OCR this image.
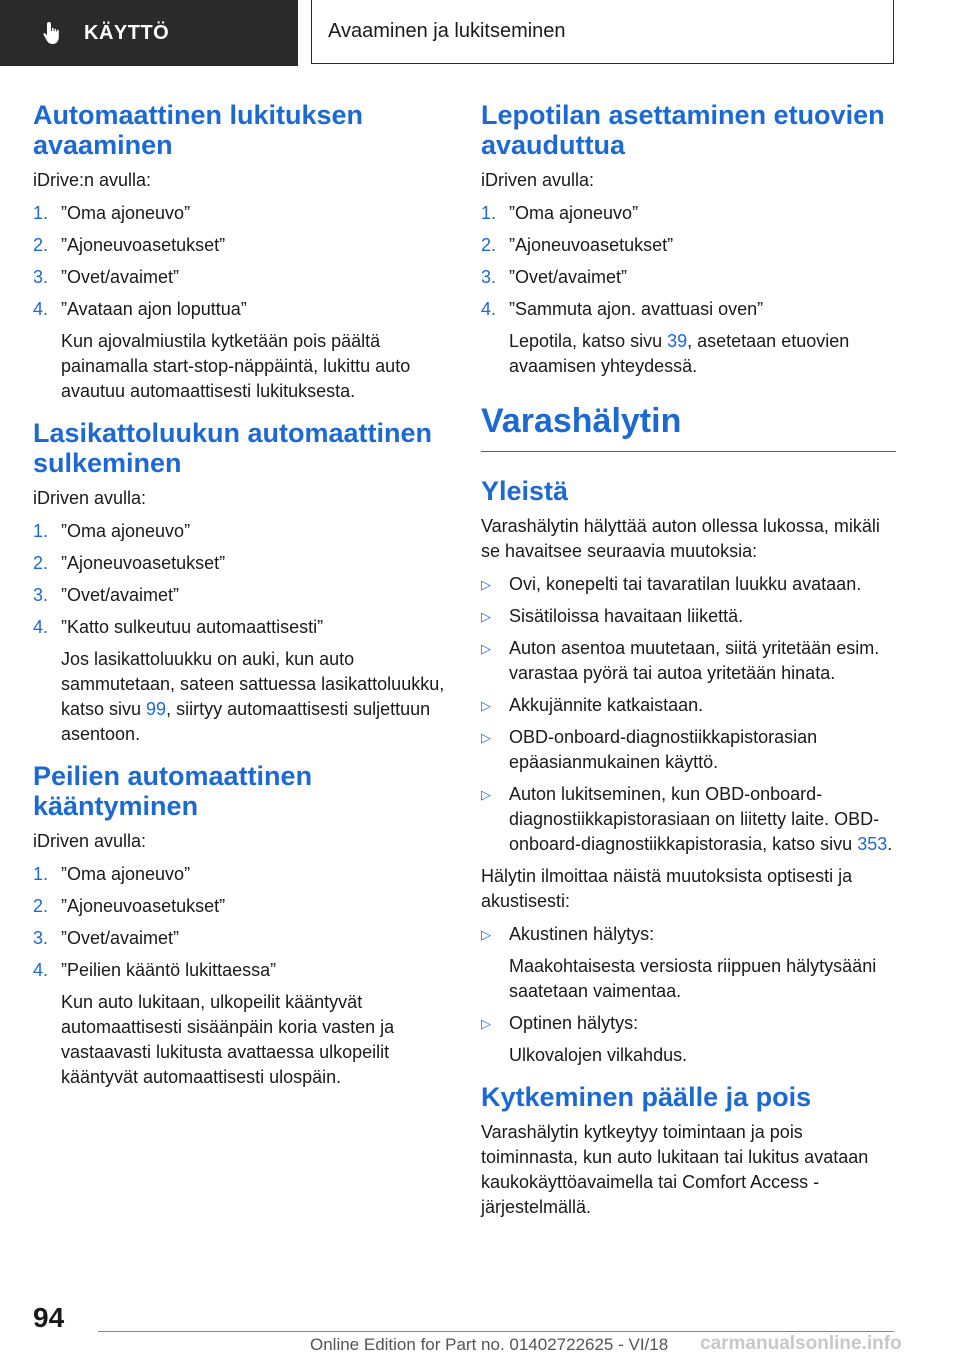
KÄYTTÖ	Avaaminen ja lukitseminen
Automaattinen lukituksen avaaminen

iDrive:n avulla:

1. ”Oma ajoneuvo”
2. ”Ajoneuvoasetukset”
3. ”Ovet/avaimet”
4. ”Avataan ajon loputtua”

Kun ajovalmiustila kytketään pois päältä painamalla start-stop-näppäintä, lukittu auto avautuu automaattisesti lukituksesta.

Lasikattoluukun automaattinen sulkeminen

iDriven avulla:

1. ”Oma ajoneuvo”
2. ”Ajoneuvoasetukset”
3. ”Ovet/avaimet”
4. ”Katto sulkeutuu automaattisesti”

Jos lasikattoluukku on auki, kun auto sammutetaan, sateen sattuessa lasikattoluukku, katso sivu 99, siirtyy automaattisesti suljettuun asentoon.

Peilien automaattinen kääntyminen

iDriven avulla:

1. ”Oma ajoneuvo”
2. ”Ajoneuvoasetukset”
3. ”Ovet/avaimet”
4. ”Peilien kääntö lukittaessa”

Kun auto lukitaan, ulkopeilit kääntyvät automaattisesti sisäänpäin koria vasten ja vastaavasti lukitusta avattaessa ulkopeilit kääntyvät automaattisesti ulospäin.

Lepotilan asettaminen etuovien avauduttua

iDriven avulla:

1. ”Oma ajoneuvo”
2. ”Ajoneuvoasetukset”
3. ”Ovet/avaimet”
4. ”Sammuta ajon. avattuasi oven”

Lepotila, katso sivu 39, asetetaan etuovien avaamisen yhteydessä.

Varashälytin
Yleistä

Varashälytin hälyttää auton ollessa lukossa, mikäli se havaitsee seuraavia muutoksia:

▷	Ovi, konepelti tai tavaratilan luukku avataan.
▷	Sisätiloissa havaitaan liikettä.
▷	Auton asentoa muutetaan, siitä yritetään esim. varastaa pyörä tai autoa yritetään hinata.
▷	Akkujännite katkaistaan.
▷	OBD-onboard-diagnostiikkapistorasian epäasianmukainen käyttö.
▷	Auton lukitseminen, kun OBD-onboard-diagnostiikkapistorasiaan on liitetty laite. OBD-onboard-diagnostiikkapistorasia, katso sivu 353.

Hälytin ilmoittaa näistä muutoksista optisesti ja akustisesti:

▷	Akustinen hälytys:

Maakohtaisesta versiosta riippuen hälytysääni saatetaan vaimentaa.

▷	Optinen hälytys:

Ulkovalojen vilkahdus.

Kytkeminen päälle ja pois

Varashälytin kytkeytyy toimintaan ja pois toiminnasta, kun auto lukitaan tai lukitus avataan kaukokäyttöavaimella tai Comfort Access -järjestelmällä.

94
Online Edition for Part no. 01402722625 - VI/18 carmanualsonline.info
